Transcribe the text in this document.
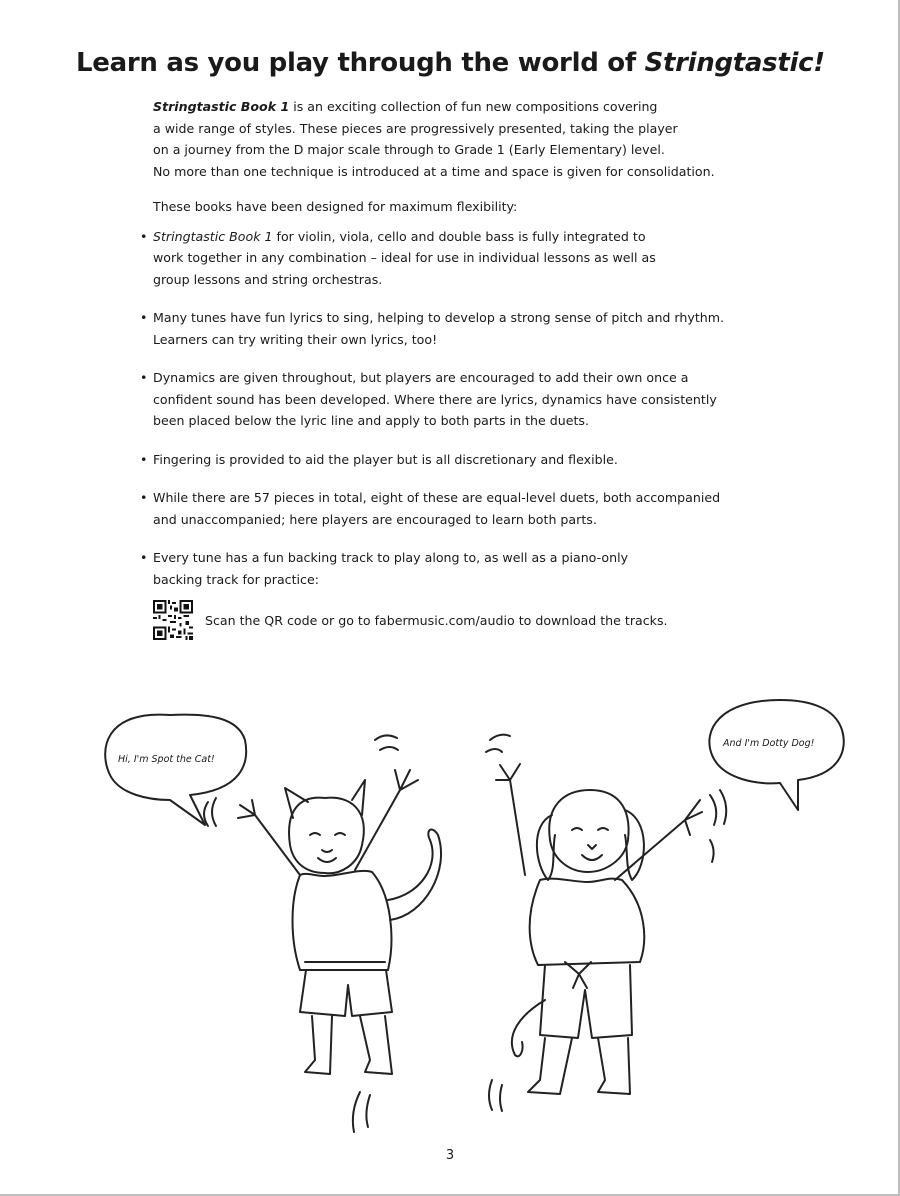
Learn as you play through the world of Stringtastic!

Stringtastic Book 1 is an exciting collection of fun new compositions covering
a wide range of styles. These pieces are progressively presented, taking the player
on a journey from the D major scale through to Grade 1 (Early Elementary) level.
No more than one technique is introduced at a time and space is given for consolidation.

These books have been designed for maximum flexibility:

• Stringtastic Book 1 for violin, viola, cello and double bass is fully integrated to
work together in any combination – ideal for use in individual lessons as well as
group lessons and string orchestras.
• Many tunes have fun lyrics to sing, helping to develop a strong sense of pitch and rhythm.
Learners can try writing their own lyrics, too!
• Dynamics are given throughout, but players are encouraged to add their own once a
confident sound has been developed. Where there are lyrics, dynamics have consistently
been placed below the lyric line and apply to both parts in the duets.
• Fingering is provided to aid the player but is all discretionary and flexible.
• While there are 57 pieces in total, eight of these are equal-level duets, both accompanied
and unaccompanied; here players are encouraged to learn both parts.
• Every tune has a fun backing track to play along to, as well as a piano-only
backing track for practice:
Scan the QR code or go to fabermusic.com/audio to download the tracks.
Hi, I'm Spot the Cat!
And I'm Dotty Dog!
3
